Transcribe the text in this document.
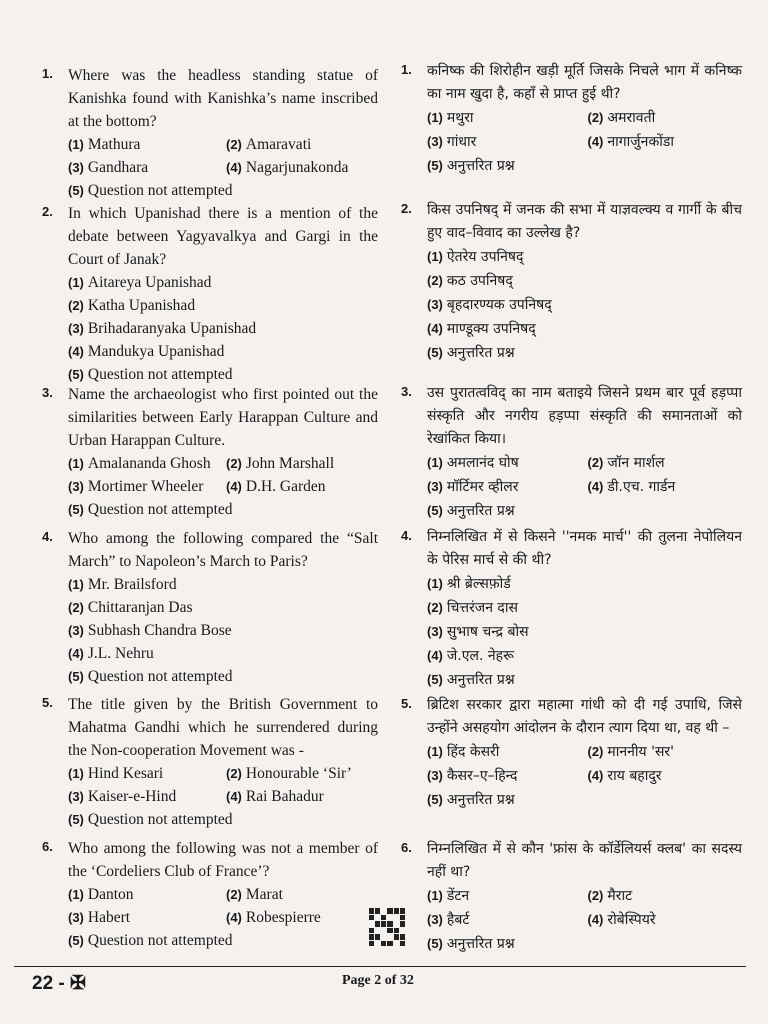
1. Where was the headless standing statue of Kanishka found with Kanishka’s name inscribed at the bottom?
(1) Mathura	(2) Amaravati
(3) Gandhara	(4) Nagarjunakonda
(5) Question not attempted
2. In which Upanishad there is a mention of the debate between Yagyavalkya and Gargi in the Court of Janak?
(1) Aitareya Upanishad
(2) Katha Upanishad
(3) Brihadaranyaka Upanishad
(4) Mandukya Upanishad
(5) Question not attempted
3. Name the archaeologist who first pointed out the similarities between Early Harappan Culture and Urban Harappan Culture.
(1) Amalananda Ghosh	(2) John Marshall
(3) Mortimer Wheeler	(4) D.H. Garden
(5) Question not attempted
4. Who among the following compared the “Salt March” to Napoleon’s March to Paris?
(1) Mr. Brailsford
(2) Chittaranjan Das
(3) Subhash Chandra Bose
(4) J.L. Nehru
(5) Question not attempted
5. The title given by the British Government to Mahatma Gandhi which he surrendered during the Non-cooperation Movement was -
(1) Hind Kesari	(2) Honourable ‘Sir’
(3) Kaiser-e-Hind	(4) Rai Bahadur
(5) Question not attempted
6. Who among the following was not a member of the ‘Cordeliers Club of France’?
(1) Danton	(2) Marat
(3) Habert	(4) Robespierre
(5) Question not attempted
1. कनिष्क की शिरोहीन खड़ी मूर्ति जिसके निचले भाग में कनिष्क का नाम खुदा है, कहाँ से प्राप्त हुई थी?
(1) मथुरा	(2) अमरावती
(3) गांधार	(4) नागार्जुनकोंडा
(5) अनुत्तरित प्रश्न
2. किस उपनिषद् में जनक की सभा में याज्ञवल्क्य व गार्गी के बीच हुए वाद–विवाद का उल्लेख है?
(1) ऐतरेय उपनिषद्
(2) कठ उपनिषद्
(3) बृहदारण्यक उपनिषद्
(4) माण्डूक्य उपनिषद्
(5) अनुत्तरित प्रश्न
3. उस पुरातत्वविद् का नाम बताइये जिसने प्रथम बार पूर्व हड़प्पा संस्कृति और नगरीय हड़प्पा संस्कृति की समानताओं को रेखांकित किया।
(1) अमलानंद घोष	(2) जॉन मार्शल
(3) मॉर्टिमर व्हीलर	(4) डी.एच. गार्डन
(5) अनुत्तरित प्रश्न
4. निम्नलिखित में से किसने ''नमक मार्च'' की तुलना नेपोलियन के पेरिस मार्च से की थी?
(1) श्री ब्रेल्सफ़ोर्ड
(2) चित्तरंजन दास
(3) सुभाष चन्द्र बोस
(4) जे.एल. नेहरू
(5) अनुत्तरित प्रश्न
5. ब्रिटिश सरकार द्वारा महात्मा गांधी को दी गई उपाधि, जिसे उन्होंने असहयोग आंदोलन के दौरान त्याग दिया था, वह थी –
(1) हिंद केसरी	(2) माननीय 'सर'
(3) कैसर–ए–हिन्द	(4) राय बहादुर
(5) अनुत्तरित प्रश्न
6. निम्नलिखित में से कौन 'फ्रांस के कॉर्डेलियर्स क्लब' का सदस्य नहीं था?
(1) डेंटन	(2) मैराट
(3) हैबर्ट	(4) रोबेस्पियरे
(5) अनुत्तरित प्रश्न
22 - ✠	Page 2 of 32
